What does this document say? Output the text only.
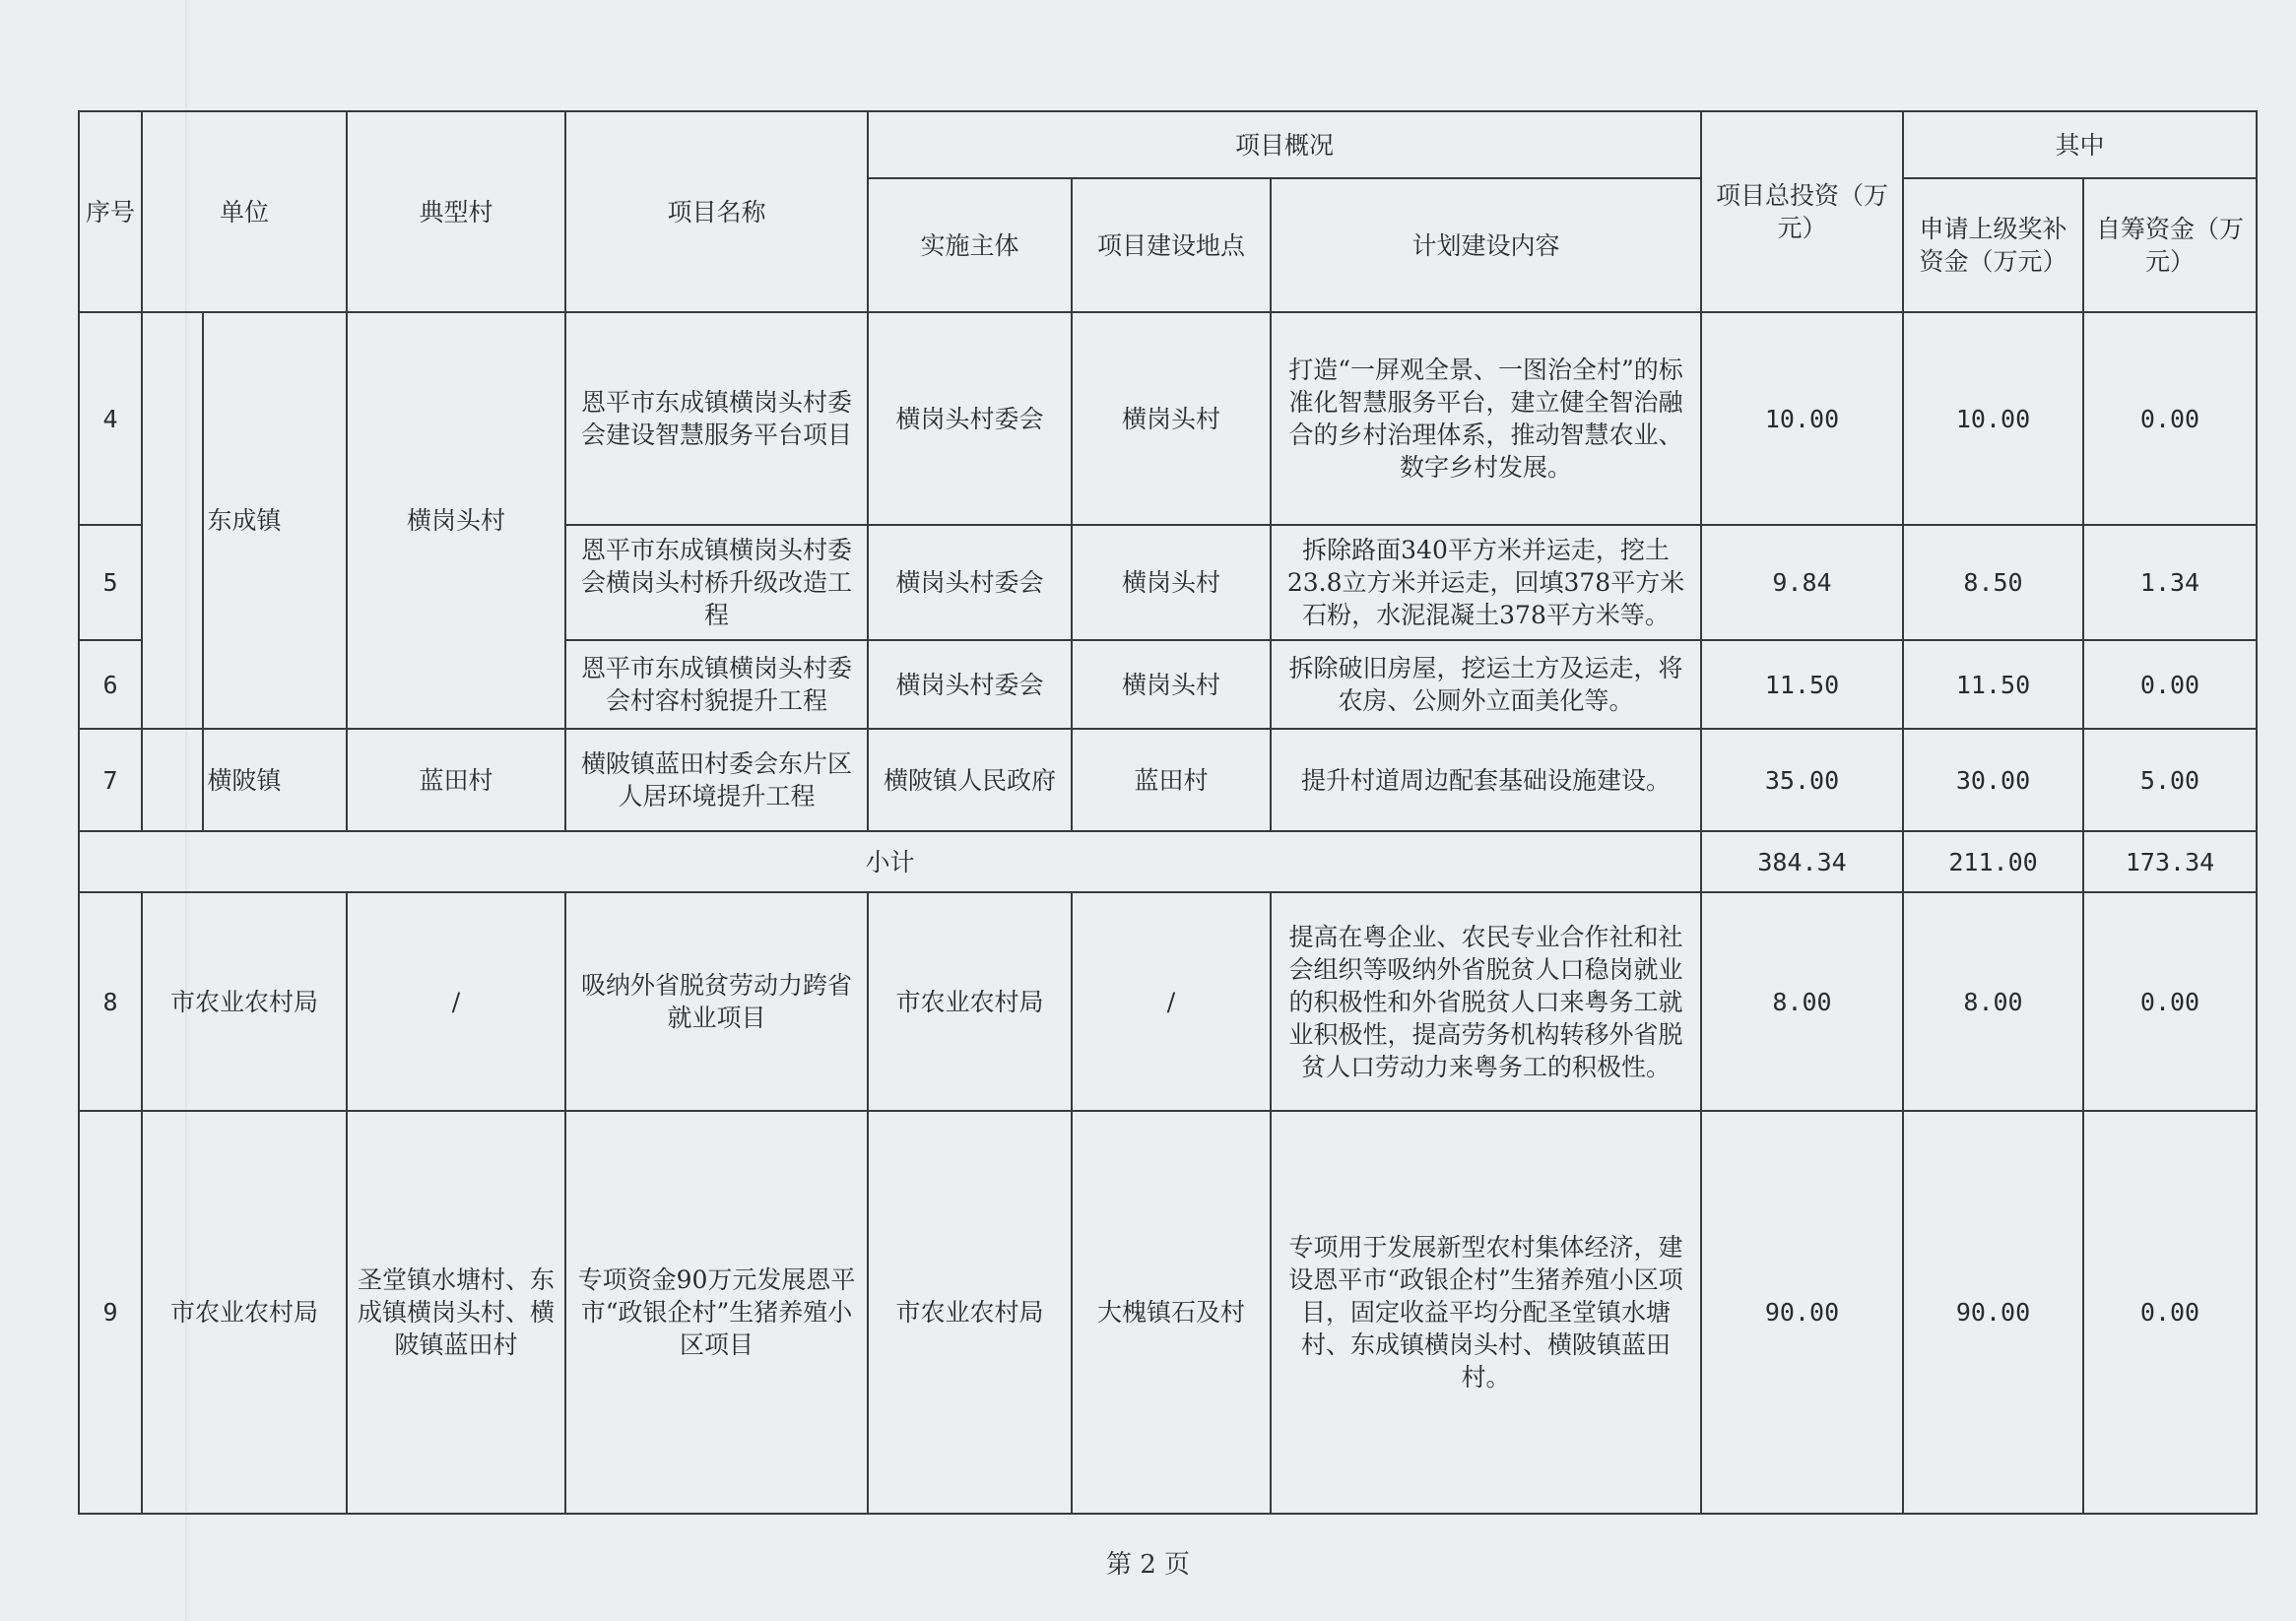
序号	单位	典型村	项目名称	项目概况			项目总投资（万元）	其中	
				实施主体	项目建设地点	计划建设内容		申请上级奖补资金（万元）	自筹资金（万元）
4	东成镇	横岗头村	恩平市东成镇横岗头村委会建设智慧服务平台项目	横岗头村委会	横岗头村	打造“一屏观全景、一图治全村”的标准化智慧服务平台，建立健全智治融合的乡村治理体系，推动智慧农业、数字乡村发展。	10.00	10.00	0.00
5			恩平市东成镇横岗头村委会横岗头村桥升级改造工程	横岗头村委会	横岗头村	拆除路面340平方米并运走，挖土23.8立方米并运走，回填378平方米石粉，水泥混凝土378平方米等。	9.84	8.50	1.34
6			恩平市东成镇横岗头村委会村容村貌提升工程	横岗头村委会	横岗头村	拆除破旧房屋，挖运土方及运走，将农房、公厕外立面美化等。	11.50	11.50	0.00
7	横陂镇	蓝田村	横陂镇蓝田村委会东片区人居环境提升工程	横陂镇人民政府	蓝田村	提升村道周边配套基础设施建设。	35.00	30.00	5.00
小计							384.34	211.00	173.34
8	市农业农村局	/	吸纳外省脱贫劳动力跨省就业项目	市农业农村局	/	提高在粤企业、农民专业合作社和社会组织等吸纳外省脱贫人口稳岗就业的积极性和外省脱贫人口来粤务工就业积极性，提高劳务机构转移外省脱贫人口劳动力来粤务工的积极性。	8.00	8.00	0.00
9	市农业农村局	圣堂镇水塘村、东成镇横岗头村、横陂镇蓝田村	专项资金90万元发展恩平市“政银企村”生猪养殖小区项目	市农业农村局	大槐镇石及村	专项用于发展新型农村集体经济，建设恩平市“政银企村”生猪养殖小区项目，固定收益平均分配圣堂镇水塘村、东成镇横岗头村、横陂镇蓝田村。	90.00	90.00	0.00
第 2 页
